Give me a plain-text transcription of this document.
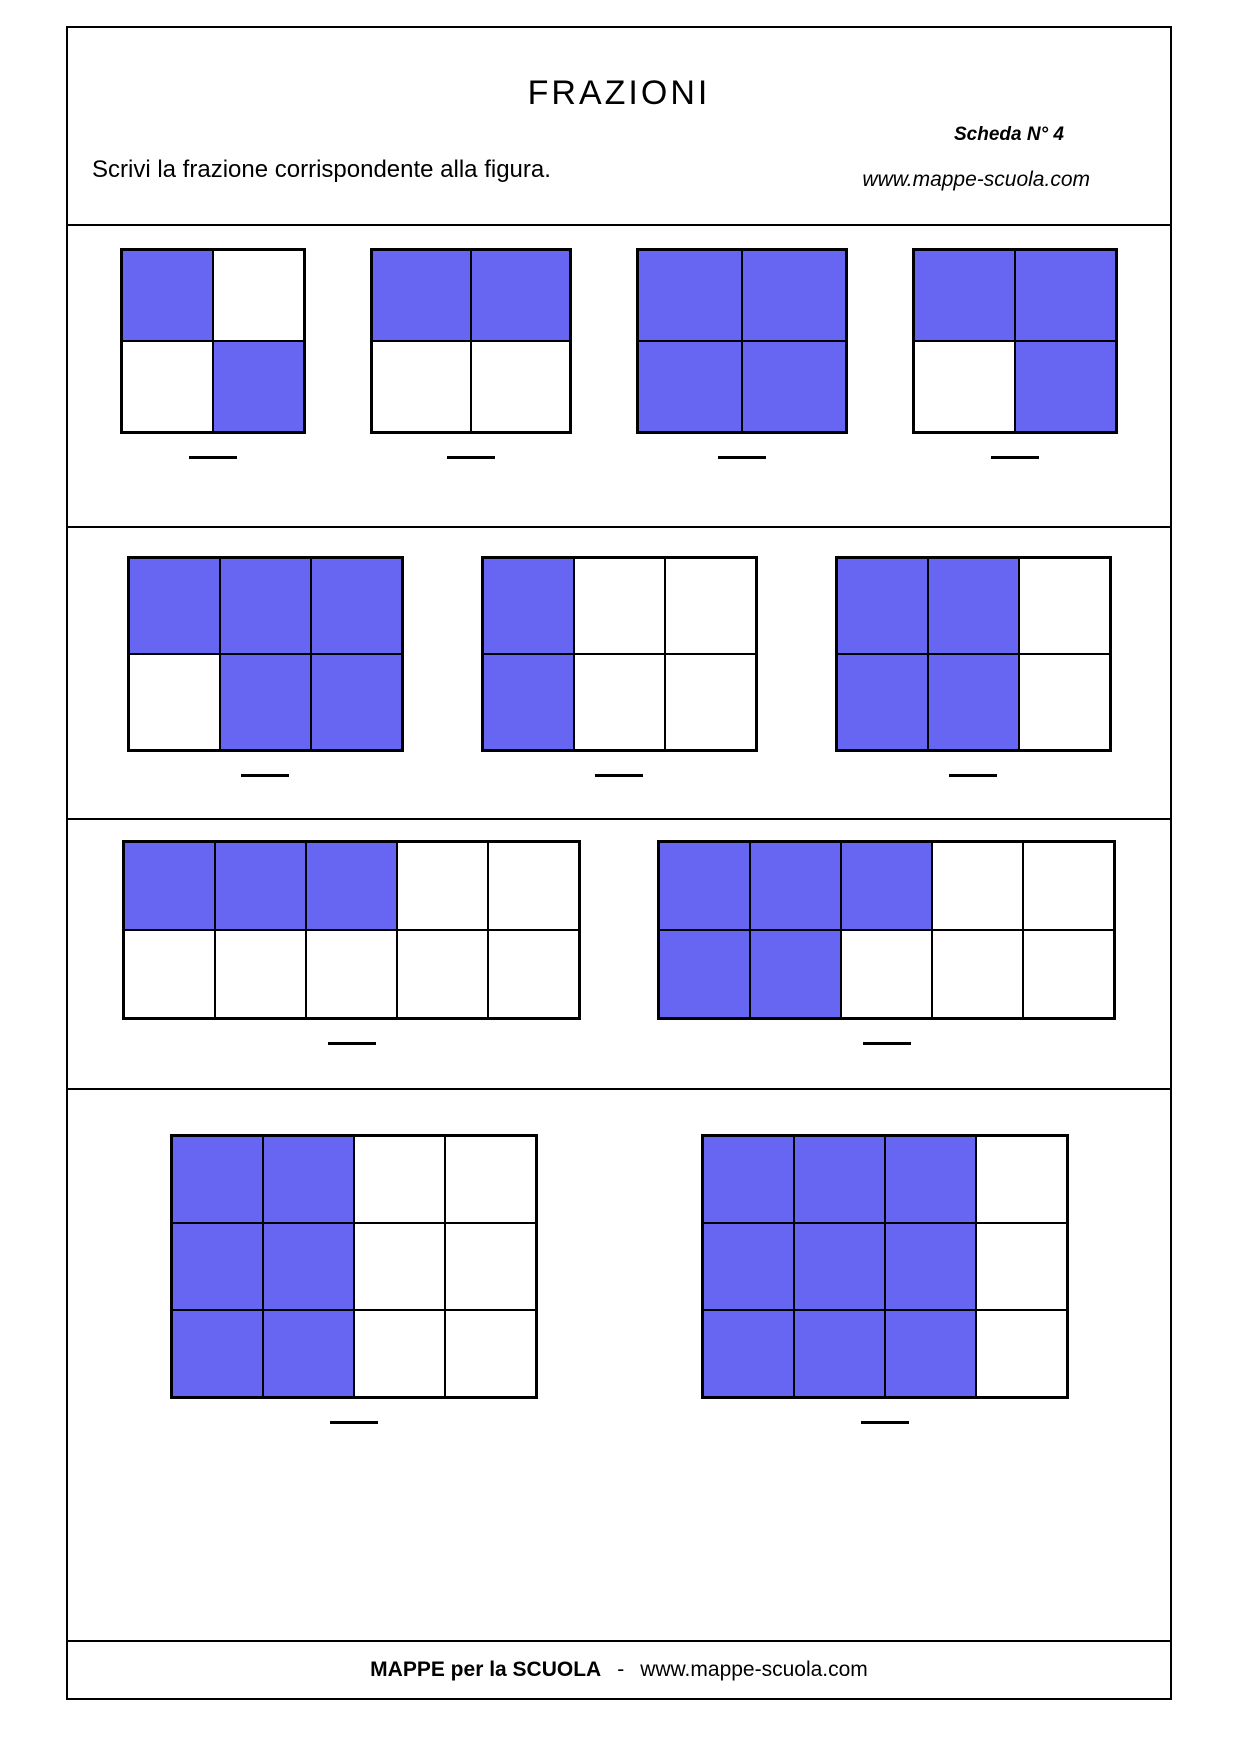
FRAZIONI
Scheda N° 4
Scrivi la frazione corrispondente alla figura.	www.mappe-scuola.com
MAPPE per la SCUOLA - www.mappe-scuola.com
